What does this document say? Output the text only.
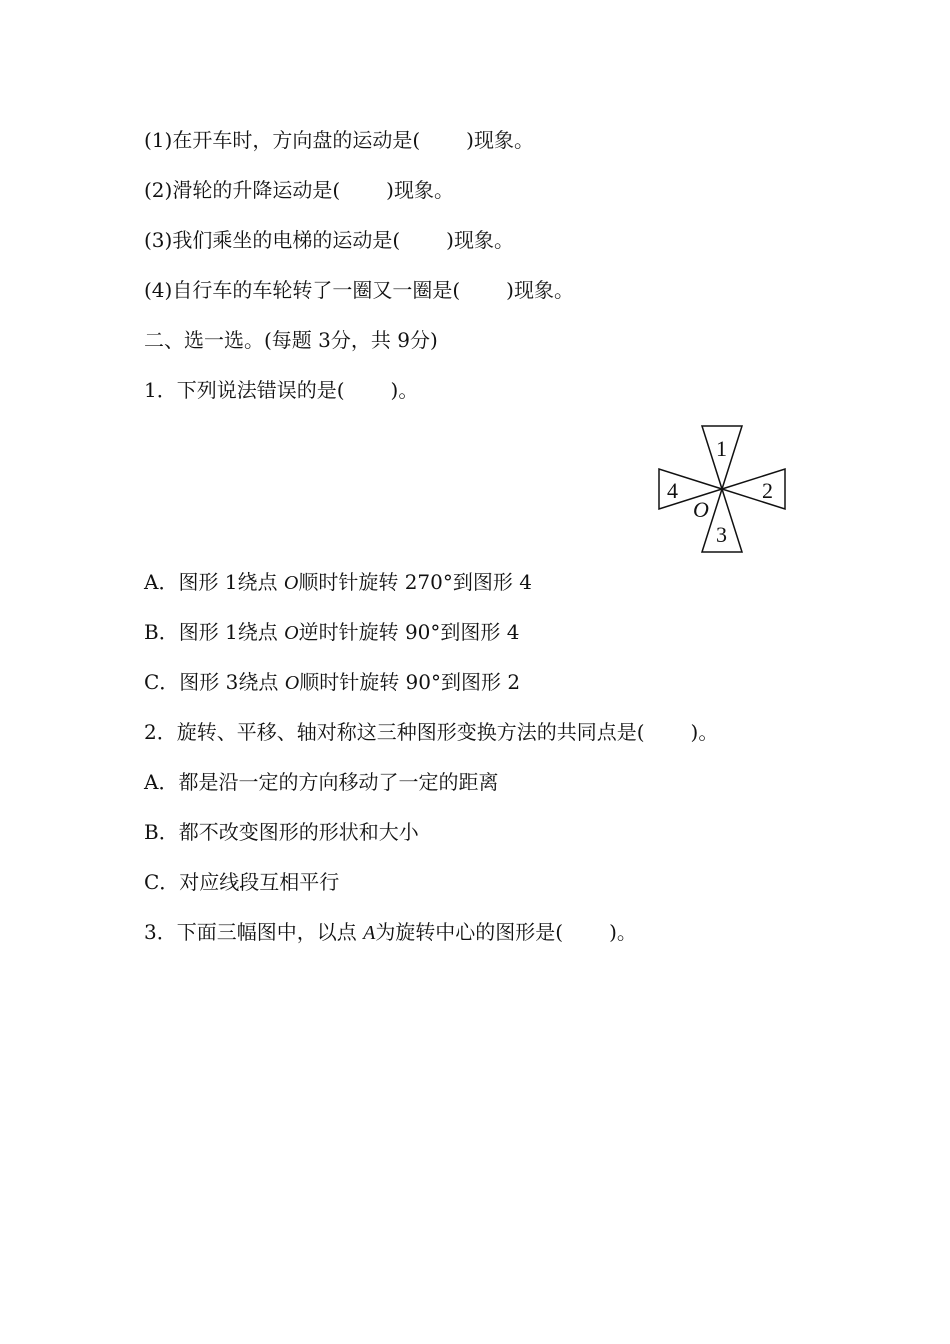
(1)在开车时，方向盘的运动是( )现象。
(2)滑轮的升降运动是( )现象。
(3)我们乘坐的电梯的运动是( )现象。
(4)自行车的车轮转了一圈又一圈是( )现象。
二、选一选。(每题 3分，共 9分)
1．下列说法错误的是( )。
1
2
3
4
O
A．图形 1绕点 O顺时针旋转 270°到图形 4
B．图形 1绕点 O逆时针旋转 90°到图形 4
C．图形 3绕点 O顺时针旋转 90°到图形 2
2．旋转、平移、轴对称这三种图形变换方法的共同点是( )。
A．都是沿一定的方向移动了一定的距离
B．都不改变图形的形状和大小
C．对应线段互相平行
3．下面三幅图中，以点 A为旋转中心的图形是( )。
